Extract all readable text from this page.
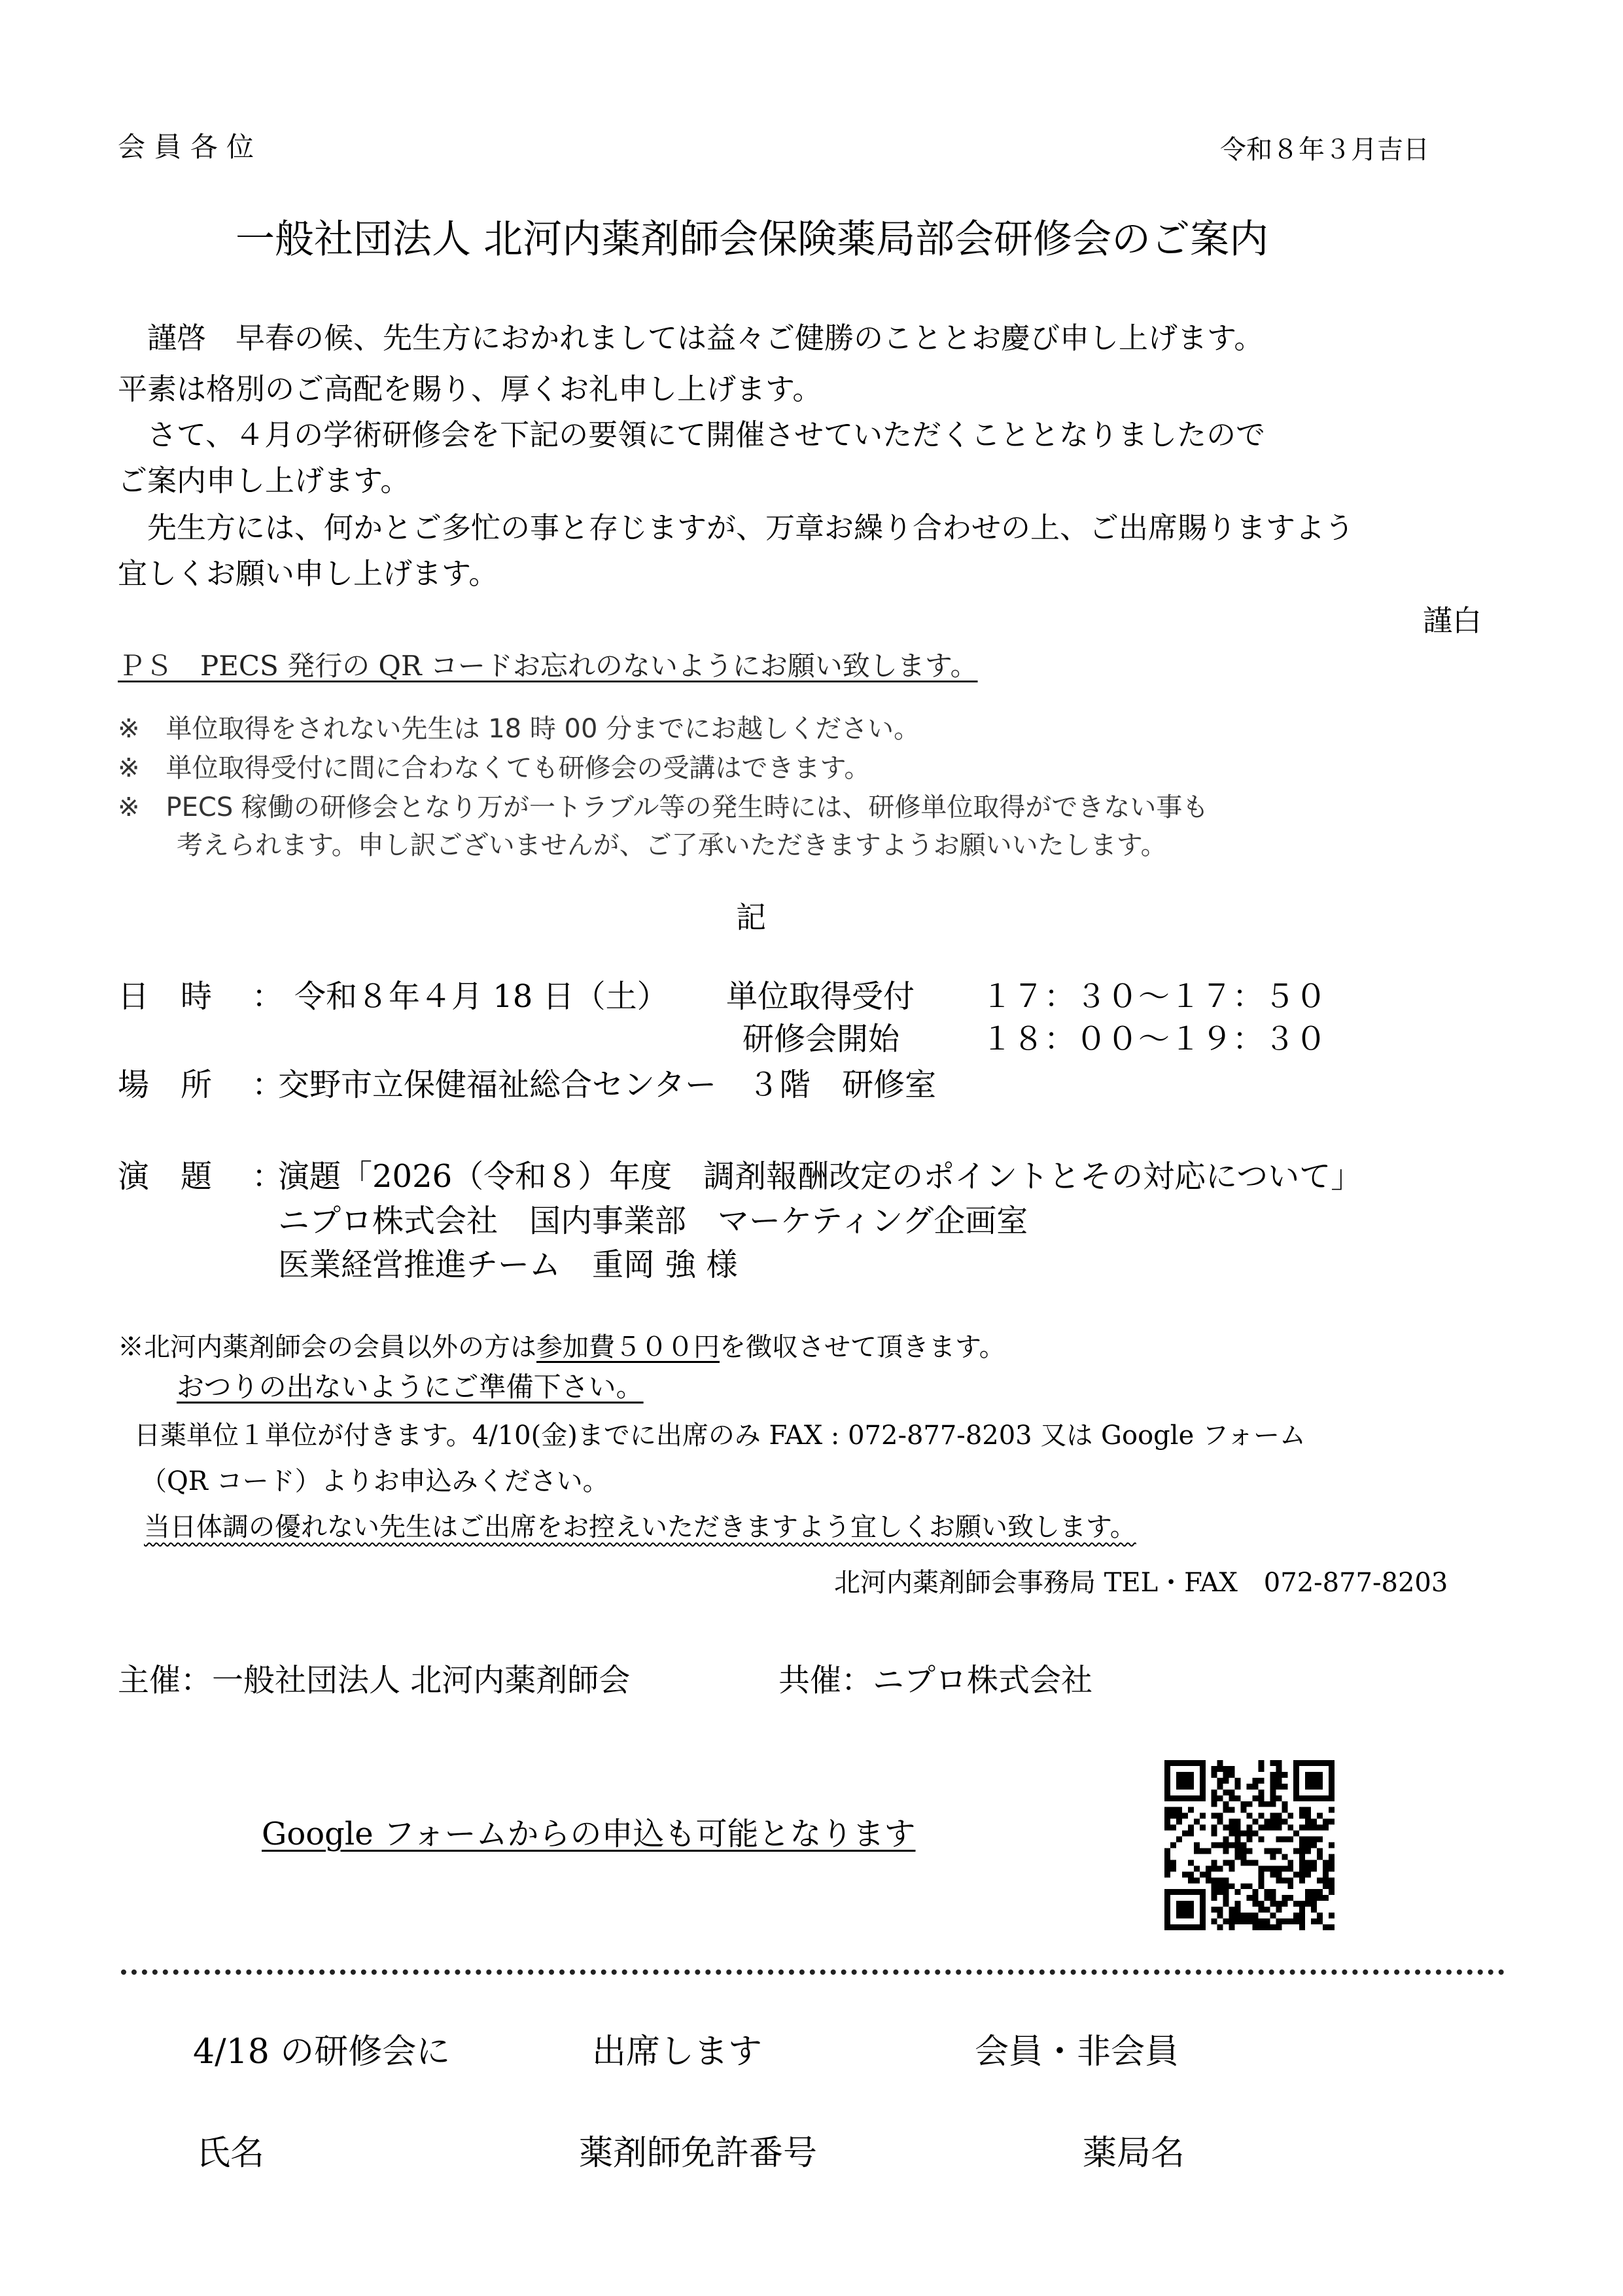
会 員 各 位	令和８年３月吉日
一般社団法人 北河内薬剤師会保険薬局部会研修会のご案内
謹啓　早春の候、先生方におかれましては益々ご健勝のこととお慶び申し上げます。
平素は格別のご高配を賜り、厚くお礼申し上げます。
さて、４月の学術研修会を下記の要領にて開催させていただくこととなりましたので
ご案内申し上げます。
先生方には、何かとご多忙の事と存じますが、万章お繰り合わせの上、ご出席賜りますよう
宜しくお願い申し上げます。
謹白
ＰＳ　PECS 発行の QR コードお忘れのないようにお願い致します。
※　単位取得をされない先生は 18 時 00 分までにお越しください。
※　単位取得受付に間に合わなくても研修会の受講はできます。
※　PECS 稼働の研修会となり万が一トラブル等の発生時には、研修単位取得ができない事も
考えられます。申し訳ございませんが、ご了承いただきますようお願いいたします。
記
日　時 ： 令和８年４月 18 日（土） 単位取得受付 １７：３０～１７：５０
研修会開始	１８：００～１９：３０
場　所 ：
交野市立保健福祉総合センター　３階　研修室
演　題 ：
演題「2026（令和８）年度　調剤報酬改定のポイントとその対応について」
ニプロ株式会社　国内事業部　マーケティング企画室
医業経営推進チーム　重岡 強 様
※北河内薬剤師会の会員以外の方は参加費５００円を徴収させて頂きます。
おつりの出ないようにご準備下さい。
日薬単位１単位が付きます。4/10(金)までに出席のみ FAX : 072-877-8203 又は Google フォーム
（QR コード）よりお申込みください。
当日体調の優れない先生はご出席をお控えいただきますよう宜しくお願い致します。
北河内薬剤師会事務局 TEL・FAX　072-877-8203
主催：一般社団法人 北河内薬剤師会	共催：ニプロ株式会社
Google フォームからの申込も可能となります
4/18 の研修会に	出席します	会員・非会員
氏名	薬剤師免許番号	薬局名
